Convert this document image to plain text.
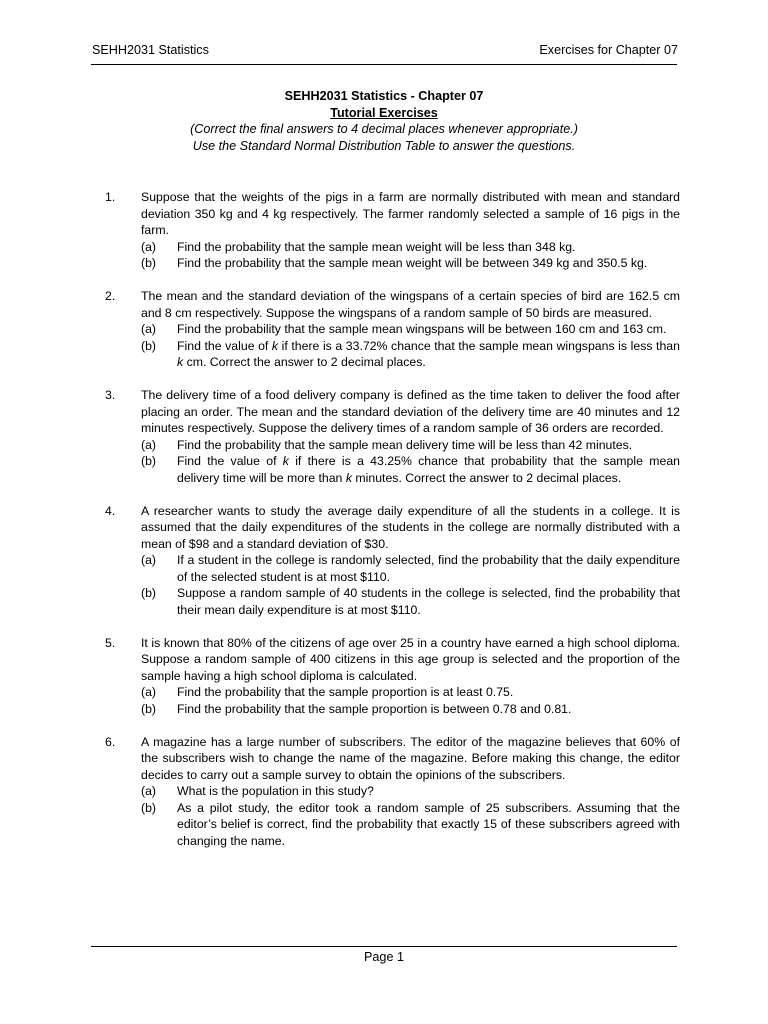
SEHH2031 Statistics	Exercises for Chapter 07
SEHH2031 Statistics - Chapter 07
Tutorial Exercises
(Correct the final answers to 4 decimal places whenever appropriate.)
Use the Standard Normal Distribution Table to answer the questions.
1. Suppose that the weights of the pigs in a farm are normally distributed with mean and standard deviation 350 kg and 4 kg respectively. The farmer randomly selected a sample of 16 pigs in the farm.
(a) Find the probability that the sample mean weight will be less than 348 kg.
(b) Find the probability that the sample mean weight will be between 349 kg and 350.5 kg.
2. The mean and the standard deviation of the wingspans of a certain species of bird are 162.5 cm and 8 cm respectively. Suppose the wingspans of a random sample of 50 birds are measured.
(a) Find the probability that the sample mean wingspans will be between 160 cm and 163 cm.
(b) Find the value of k if there is a 33.72% chance that the sample mean wingspans is less than k cm. Correct the answer to 2 decimal places.
3. The delivery time of a food delivery company is defined as the time taken to deliver the food after placing an order. The mean and the standard deviation of the delivery time are 40 minutes and 12 minutes respectively. Suppose the delivery times of a random sample of 36 orders are recorded.
(a) Find the probability that the sample mean delivery time will be less than 42 minutes.
(b) Find the value of k if there is a 43.25% chance that probability that the sample mean delivery time will be more than k minutes. Correct the answer to 2 decimal places.
4. A researcher wants to study the average daily expenditure of all the students in a college. It is assumed that the daily expenditures of the students in the college are normally distributed with a mean of $98 and a standard deviation of $30.
(a) If a student in the college is randomly selected, find the probability that the daily expenditure of the selected student is at most $110.
(b) Suppose a random sample of 40 students in the college is selected, find the probability that their mean daily expenditure is at most $110.
5. It is known that 80% of the citizens of age over 25 in a country have earned a high school diploma. Suppose a random sample of 400 citizens in this age group is selected and the proportion of the sample having a high school diploma is calculated.
(a) Find the probability that the sample proportion is at least 0.75.
(b) Find the probability that the sample proportion is between 0.78 and 0.81.
6. A magazine has a large number of subscribers. The editor of the magazine believes that 60% of the subscribers wish to change the name of the magazine. Before making this change, the editor decides to carry out a sample survey to obtain the opinions of the subscribers.
(a) What is the population in this study?
(b) As a pilot study, the editor took a random sample of 25 subscribers. Assuming that the editor’s belief is correct, find the probability that exactly 15 of these subscribers agreed with changing the name.
Page 1
